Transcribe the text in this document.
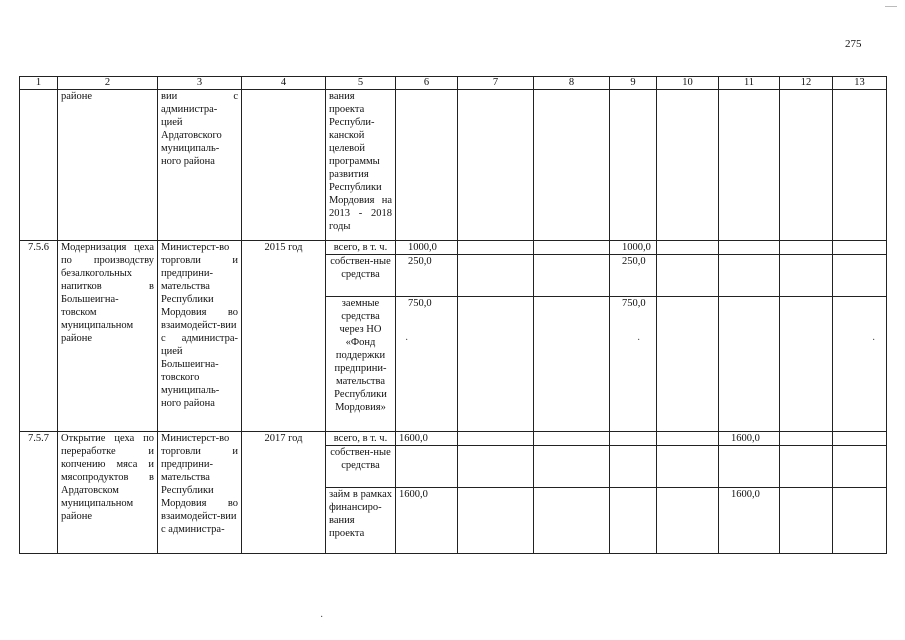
275
1	2	3	4	5	6	7	8	9	10	11	12	13
	районе	вии с администра-цией Ардатовского муниципаль-ного района		вания проекта Республи-канской целевой программы развития Республики Мордовия на 2013 - 2018 годы								
7.5.6	Модернизация цеха по производству безалкогольных напитков в Большеигна-товском муниципальном районе	Министерст-во торговли и предприни-мательства Республики Мордовия во взаимодейст-вии с администра-цией Большеигна-товского муниципаль-ного района	2015 год	всего, в т. ч.	1000,0			1000,0				
				собствен-ные средства	250,0			250,0				
				заемные средства через НО «Фонд поддержки предприни-мательства Республики Мордовия»	750,0			750,0				
7.5.7	Открытие цеха по переработке и копчению мяса и мясопродуктов в Ардатовском муниципальном районе	Министерст-во торговли и предприни-мательства Республики Мордовия во взаимодейст-вии с администра-	2017 год	всего, в т. ч.	1600,0					1600,0		
				собствен-ные средства								
				займ в рамках финансиро-вания проекта	1600,0					1600,0		
·	·	·
·
